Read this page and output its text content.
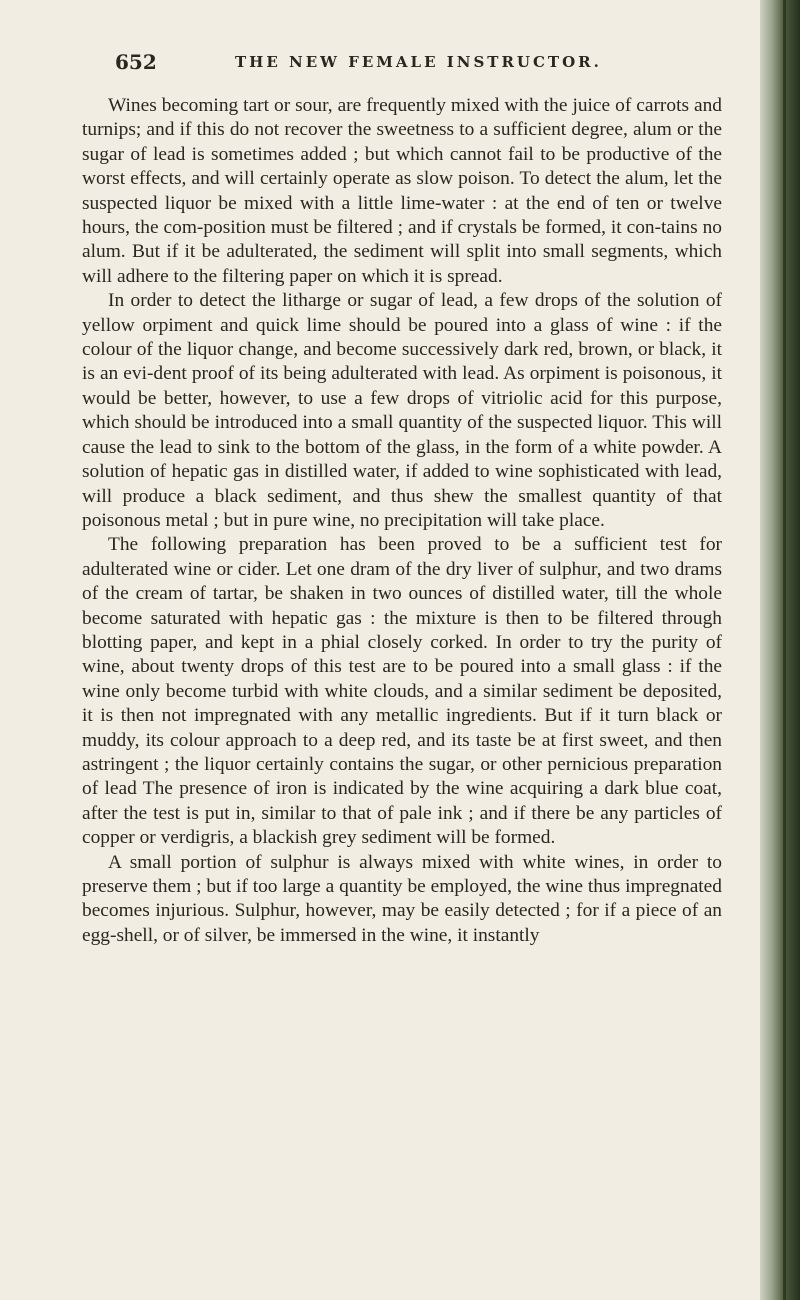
652	THE NEW FEMALE INSTRUCTOR.

Wines becoming tart or sour, are frequently mixed with the juice of carrots and turnips; and if this do not recover the sweetness to a sufficient degree, alum or the sugar of lead is sometimes added ; but which cannot fail to be productive of the worst effects, and will certainly operate as slow poison. To detect the alum, let the suspected liquor be mixed with a little lime-water : at the end of ten or twelve hours, the com-position must be filtered ; and if crystals be formed, it con-tains no alum. But if it be adulterated, the sediment will split into small segments, which will adhere to the filtering paper on which it is spread.

In order to detect the litharge or sugar of lead, a few drops of the solution of yellow orpiment and quick lime should be poured into a glass of wine : if the colour of the liquor change, and become successively dark red, brown, or black, it is an evi-dent proof of its being adulterated with lead. As orpiment is poisonous, it would be better, however, to use a few drops of vitriolic acid for this purpose, which should be introduced into a small quantity of the suspected liquor. This will cause the lead to sink to the bottom of the glass, in the form of a white powder. A solution of hepatic gas in distilled water, if added to wine sophisticated with lead, will produce a black sediment, and thus shew the smallest quantity of that poisonous metal ; but in pure wine, no precipitation will take place.

The following preparation has been proved to be a sufficient test for adulterated wine or cider. Let one dram of the dry liver of sulphur, and two drams of the cream of tartar, be shaken in two ounces of distilled water, till the whole become saturated with hepatic gas : the mixture is then to be filtered through blotting paper, and kept in a phial closely corked. In order to try the purity of wine, about twenty drops of this test are to be poured into a small glass : if the wine only become turbid with white clouds, and a similar sediment be deposited, it is then not impregnated with any metallic ingredients. But if it turn black or muddy, its colour approach to a deep red, and its taste be at first sweet, and then astringent ; the liquor certainly contains the sugar, or other pernicious preparation of lead The presence of iron is indicated by the wine acquiring a dark blue coat, after the test is put in, similar to that of pale ink ; and if there be any particles of copper or verdigris, a blackish grey sediment will be formed.

A small portion of sulphur is always mixed with white wines, in order to preserve them ; but if too large a quantity be employed, the wine thus impregnated becomes injurious. Sulphur, however, may be easily detected ; for if a piece of an egg-shell, or of silver, be immersed in the wine, it instantly
